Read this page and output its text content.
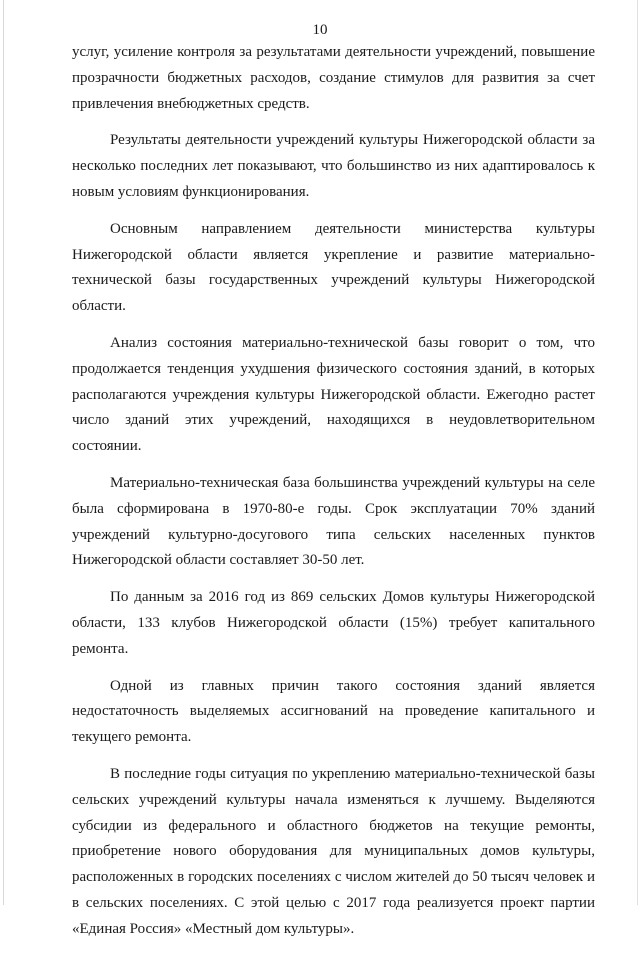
10

услуг, усиление контроля за результатами деятельности учреждений, повышение прозрачности бюджетных расходов, создание стимулов для развития за счет привлечения внебюджетных средств.

Результаты деятельности учреждений культуры Нижегородской области за несколько последних лет показывают, что большинство из них адаптировалось к новым условиям функционирования.

Основным направлением деятельности министерства культуры Нижегородской области является укрепление и развитие материально-технической базы государственных учреждений культуры Нижегородской области.

Анализ состояния материально-технической базы говорит о том, что продолжается тенденция ухудшения физического состояния зданий, в которых располагаются учреждения культуры Нижегородской области. Ежегодно растет число зданий этих учреждений, находящихся в неудовлетворительном состоянии.

Материально-техническая база большинства учреждений культуры на селе была сформирована в 1970-80-е годы. Срок эксплуатации 70% зданий учреждений культурно-досугового типа сельских населенных пунктов Нижегородской области составляет 30-50 лет.

По данным за 2016 год из 869 сельских Домов культуры Нижегородской области, 133 клубов Нижегородской области (15%) требует капитального ремонта.

Одной из главных причин такого состояния зданий является недостаточность выделяемых ассигнований на проведение капитального и текущего ремонта.

В последние годы ситуация по укреплению материально-технической базы сельских учреждений культуры начала изменяться к лучшему. Выделяются субсидии из федерального и областного бюджетов на текущие ремонты, приобретение нового оборудования для муниципальных домов культуры, расположенных в городских поселениях с числом жителей до 50 тысяч человек и в сельских поселениях. С этой целью с 2017 года реализуется проект партии «Единая Россия» «Местный дом культуры».
